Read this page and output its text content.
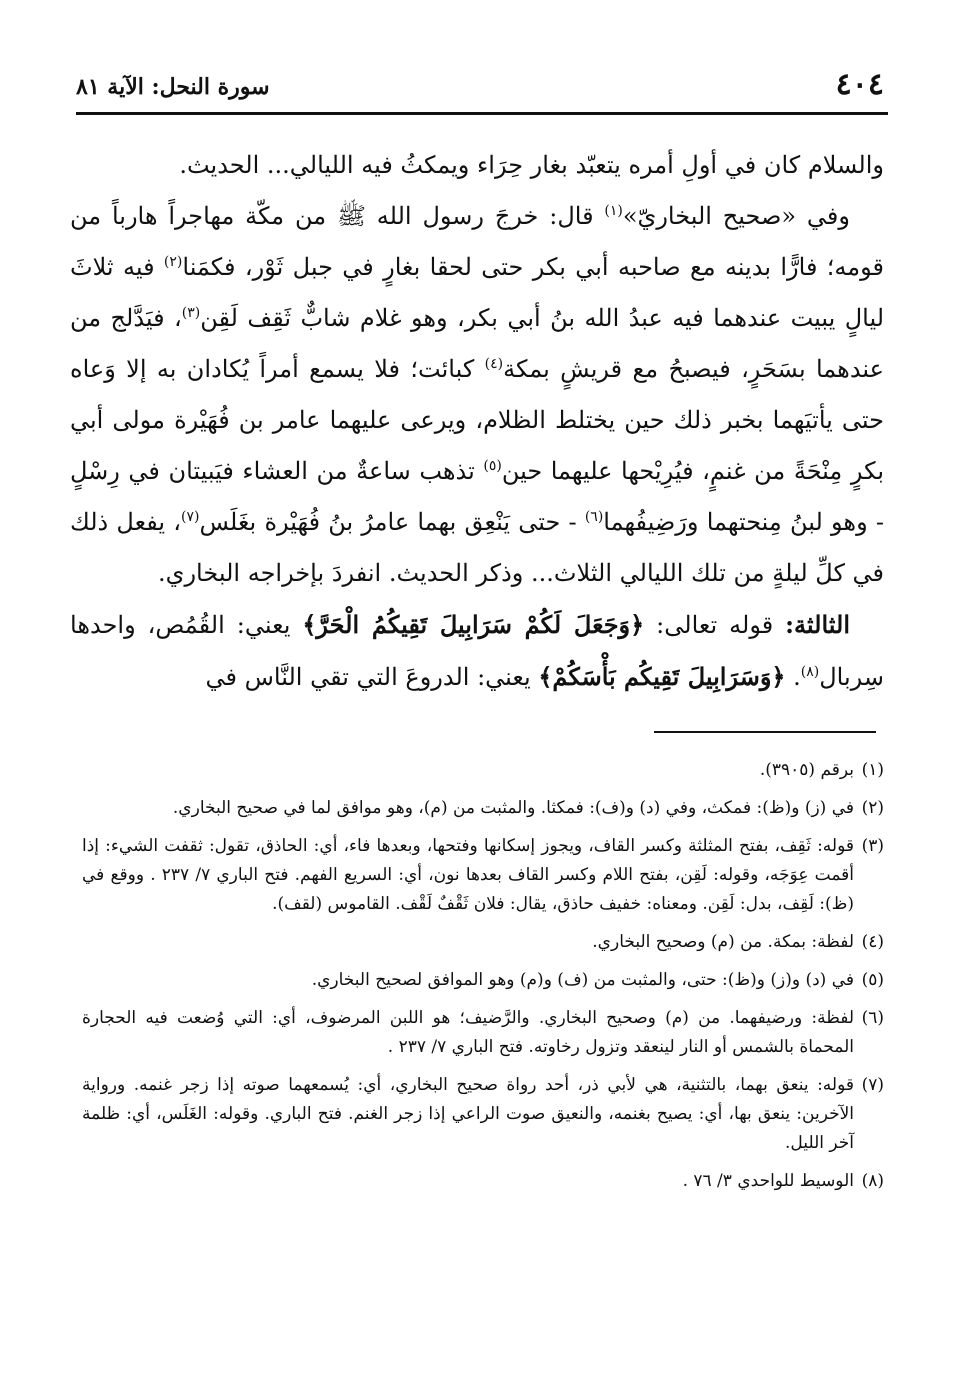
٤٠٤
سورة النحل: الآية ٨١

والسلام كان في أولِ أمره يتعبّد بغار حِرَاء ويمكثُ فيه الليالي... الحديث.

وفي «صحيح البخاريّ»$^{(١)}$ قال: خرجَ رسول الله ﷺ من مكّة مهاجراً هارباً من قومه؛ فارًّا بدينه مع صاحبه أبي بكر حتى لحقا بغارٍ في جبل ثَوْر، فكمَنا$^{(٢)}$ فيه ثلاثَ ليالٍ يبيت عندهما فيه عبدُ الله بنُ أبي بكر، وهو غلام شابٌّ ثَقِف لَقِن$^{(٣)}$، فيَدَّلج من عندهما بسَحَرٍ، فيصبحُ مع قريشٍ بمكة$^{(٤)}$ كبائت؛ فلا يسمع أمراً يُكادان به إلا وَعاه حتى يأتيَهما بخبر ذلك حين يختلط الظلام، ويرعى عليهما عامر بن فُهَيْرة مولى أبي بكرٍ مِنْحَةً من غنمٍ، فيُرِيْحها عليهما حين$^{(٥)}$ تذهب ساعةٌ من العشاء فيَبيتان في رِسْلٍ - وهو لبنُ مِنحتهما ورَضِيفُهما$^{(٦)}$ - حتى يَنْعِق بهما عامرُ بنُ فُهَيْرة بغَلَس$^{(٧)}$، يفعل ذلك في كلِّ ليلةٍ من تلك الليالي الثلاث... وذكر الحديث. انفردَ بإخراجه البخاري.

الثالثة: قوله تعالى: ﴿وَجَعَلَ لَكُمْ سَرَابِيلَ تَقِيكُمُ الْحَرَّ﴾ يعني: القُمُص، واحدها سِربال$^{(٨)}$. ﴿وَسَرَابِيلَ تَقِيكُم بَأْسَكُمْ﴾ يعني: الدروعَ التي تقي النَّاس في

(١)
برقم (٣٩٠٥).
(٢)
في (ز) و(ظ): فمكث، وفي (د) و(ف): فمكثا. والمثبت من (م)، وهو موافق لما في صحيح البخاري.
(٣)
قوله: ثَقِف، بفتح المثلثة وكسر القاف، ويجوز إسكانها وفتحها، وبعدها فاء، أي: الحاذق، تقول: ثقفت الشيء: إذا أقمت عِوَجَه، وقوله: لَقِن، بفتح اللام وكسر القاف بعدها نون، أي: السريع الفهم. فتح الباري ٧/ ٢٣٧ . ووقع في (ظ): لَقِف، بدل: لَقِن. ومعناه: خفيف حاذق، يقال: فلان ثَقْفٌ لَقْف. القاموس (لقف).
(٤)
لفظة: بمكة. من (م) وصحيح البخاري.
(٥)
في (د) و(ز) و(ظ): حتى، والمثبت من (ف) و(م) وهو الموافق لصحيح البخاري.
(٦)
لفظة: ورضيفهما. من (م) وصحيح البخاري. والرَّضيف؛ هو اللبن المرضوف، أي: التي وُضعت فيه الحجارة المحماة بالشمس أو النار لينعقد وتزول رخاوته. فتح الباري ٧/ ٢٣٧ .
(٧)
قوله: ينعق بهما، بالتثنية، هي لأبي ذر، أحد رواة صحيح البخاري، أي: يُسمعهما صوته إذا زجر غنمه. ورواية الآخرين: ينعق بها، أي: يصيح بغنمه، والنعيق صوت الراعي إذا زجر الغنم. فتح الباري. وقوله: الغَلَس، أي: ظلمة آخر الليل.
(٨)
الوسيط للواحدي ٣/ ٧٦ .
